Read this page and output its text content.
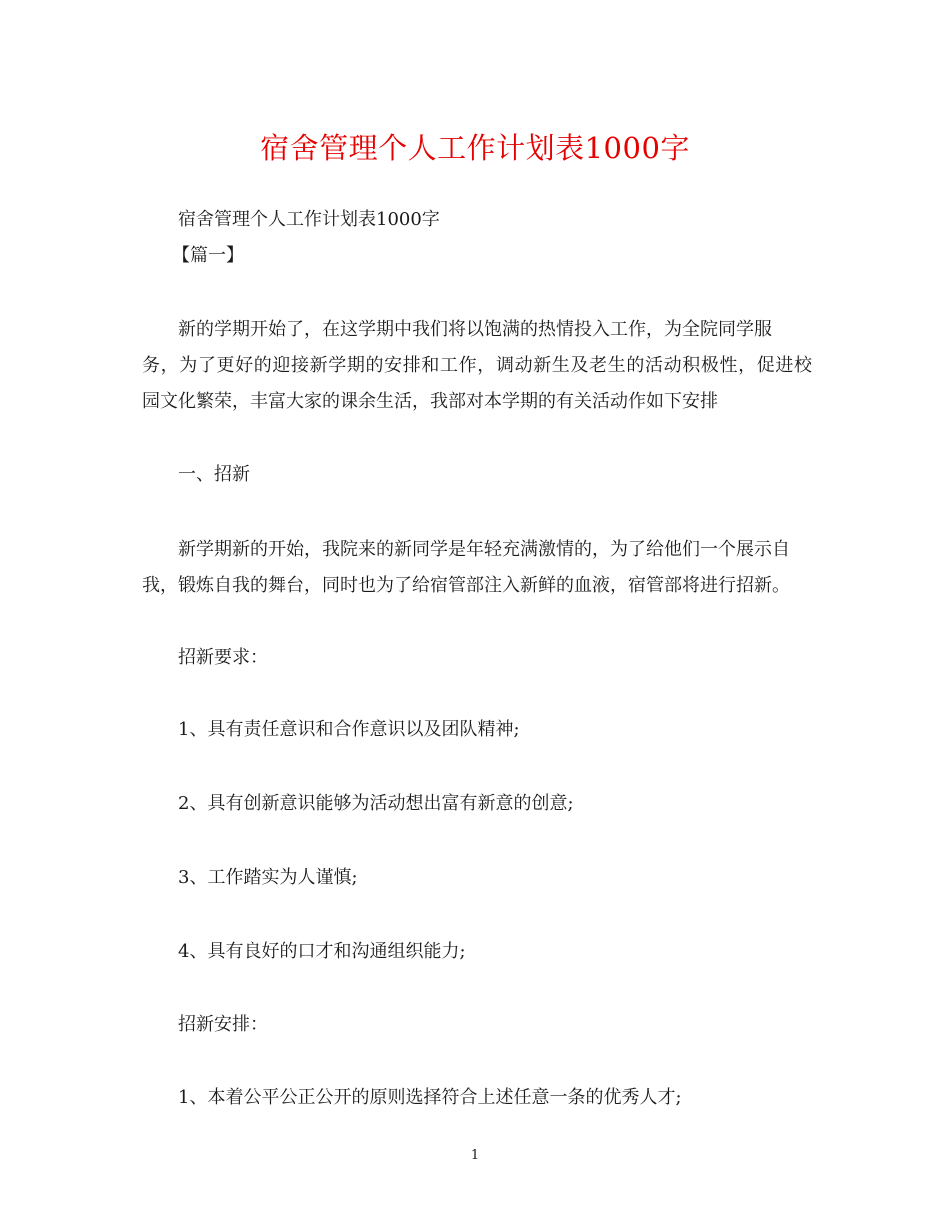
宿舍管理个人工作计划表1000字

宿舍管理个人工作计划表1000字

【篇一】

新的学期开始了，在这学期中我们将以饱满的热情投入工作，为全院同学服

务，为了更好的迎接新学期的安排和工作，调动新生及老生的活动积极性，促进校

园文化繁荣，丰富大家的课余生活，我部对本学期的有关活动作如下安排

一、招新

新学期新的开始，我院来的新同学是年轻充满激情的，为了给他们一个展示自

我，锻炼自我的舞台，同时也为了给宿管部注入新鲜的血液，宿管部将进行招新。

招新要求：

1、具有责任意识和合作意识以及团队精神;

2、具有创新意识能够为活动想出富有新意的创意;

3、工作踏实为人谨慎;

4、具有良好的口才和沟通组织能力;

招新安排：

1、本着公平公正公开的原则选择符合上述任意一条的优秀人才;

1
